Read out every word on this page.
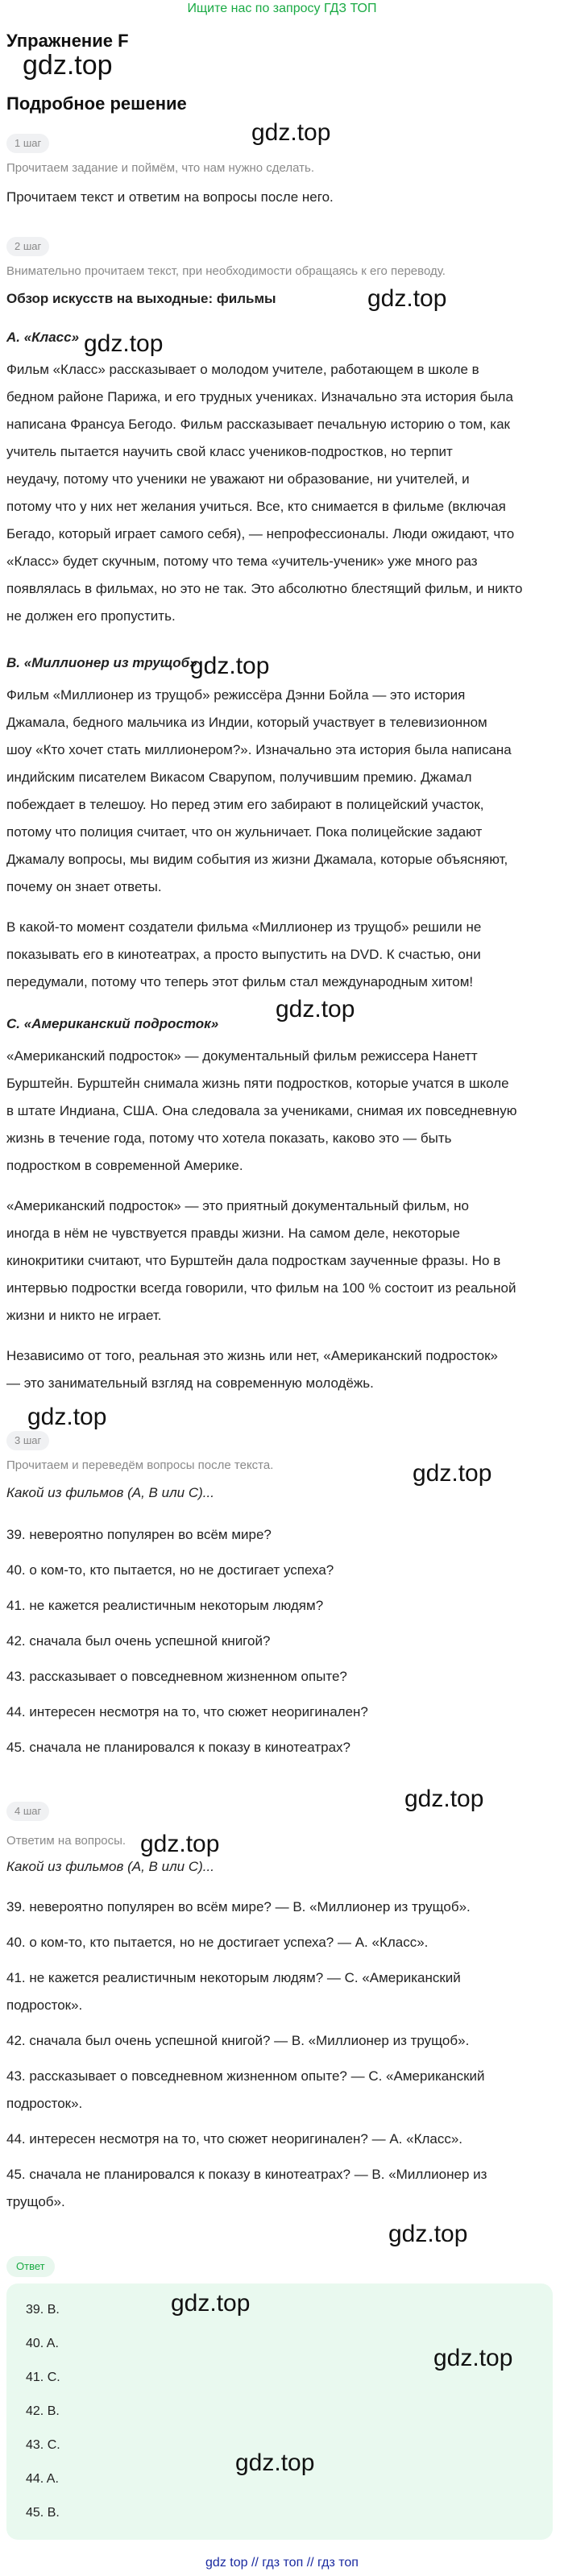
Ищите нас по запросу ГДЗ ТОП
Упражнение F
gdz.top
Подробное решение
gdz.top
1 шаг
Прочитаем задание и поймём, что нам нужно сделать.
Прочитаем текст и ответим на вопросы после него.
2 шаг
Внимательно прочитаем текст, при необходимости обращаясь к его переводу.
Обзор искусств на выходные: фильмы	gdz.top
A. «Класс» gdz.top
Фильм «Класс» рассказывает о молодом учителе, работающем в школе в
бедном районе Парижа, и его трудных учениках. Изначально эта история была
написана Франсуа Бегодо. Фильм рассказывает печальную историю о том, как
учитель пытается научить свой класс учеников-подростков, но терпит
неудачу, потому что ученики не уважают ни образование, ни учителей, и
потому что у них нет желания учиться. Все, кто снимается в фильме (включая
Бегадо, который играет самого себя), — непрофессионалы. Люди ожидают, что
«Класс» будет скучным, потому что тема «учитель-ученик» уже много раз
появлялась в фильмах, но это не так. Это абсолютно блестящий фильм, и никто
не должен его пропустить.
B. «Миллионер из трущоб»
gdz.top
Фильм «Миллионер из трущоб» режиссёра Дэнни Бойла — это история
Джамала, бедного мальчика из Индии, который участвует в телевизионном
шоу «Кто хочет стать миллионером?». Изначально эта история была написана
индийским писателем Викасом Сварупом, получившим премию. Джамал
побеждает в телешоу. Но перед этим его забирают в полицейский участок,
потому что полиция считает, что он жульничает. Пока полицейские задают
Джамалу вопросы, мы видим события из жизни Джамала, которые объясняют,
почему он знает ответы.
В какой-то момент создатели фильма «Миллионер из трущоб» решили не
показывать его в кинотеатрах, а просто выпустить на DVD. К счастью, они
передумали, потому что теперь этот фильм стал международным хитом!
gdz.top
C. «Американский подросток»
«Американский подросток» — документальный фильм режиссера Нанетт
Бурштейн. Бурштейн снимала жизнь пяти подростков, которые учатся в школе
в штате Индиана, США. Она следовала за учениками, снимая их повседневную
жизнь в течение года, потому что хотела показать, каково это — быть
подростком в современной Америке.
«Американский подросток» — это приятный документальный фильм, но
иногда в нём не чувствуется правды жизни. На самом деле, некоторые
кинокритики считают, что Бурштейн дала подросткам заученные фразы. Но в
интервью подростки всегда говорили, что фильм на 100 % состоит из реальной
жизни и никто не играет.
Независимо от того, реальная это жизнь или нет, «Американский подросток»
— это занимательный взгляд на современную молодёжь.
gdz.top
3 шаг
gdz.top
Прочитаем и переведём вопросы после текста.
Какой из фильмов (A, B или C)...
39. невероятно популярен во всём мире?
40. о ком-то, кто пытается, но не достигает успеха?
41. не кажется реалистичным некоторым людям?
42. сначала был очень успешной книгой?
43. рассказывает о повседневном жизненном опыте?
44. интересен несмотря на то, что сюжет неоригинален?
45. сначала не планировался к показу в кинотеатрах?
gdz.top
4 шаг
gdz.top
Ответим на вопросы.
Какой из фильмов (A, B или C)...
39. невероятно популярен во всём мире? — B. «Миллионер из трущоб».
40. о ком-то, кто пытается, но не достигает успеха? — A. «Класс».
41. не кажется реалистичным некоторым людям? — C. «Американский
подросток».
42. сначала был очень успешной книгой? — B. «Миллионер из трущоб».
43. рассказывает о повседневном жизненном опыте? — C. «Американский
подросток».
44. интересен несмотря на то, что сюжет неоригинален? — A. «Класс».
45. сначала не планировался к показу в кинотеатрах? — B. «Миллионер из
трущоб».
gdz.top
Ответ
39. B.
40. A.
41. C.
42. B.
43. C.
44. A.
45. B.
gdz.top
gdz.top
gdz.top
gdz top // гдз топ // гдз топ
